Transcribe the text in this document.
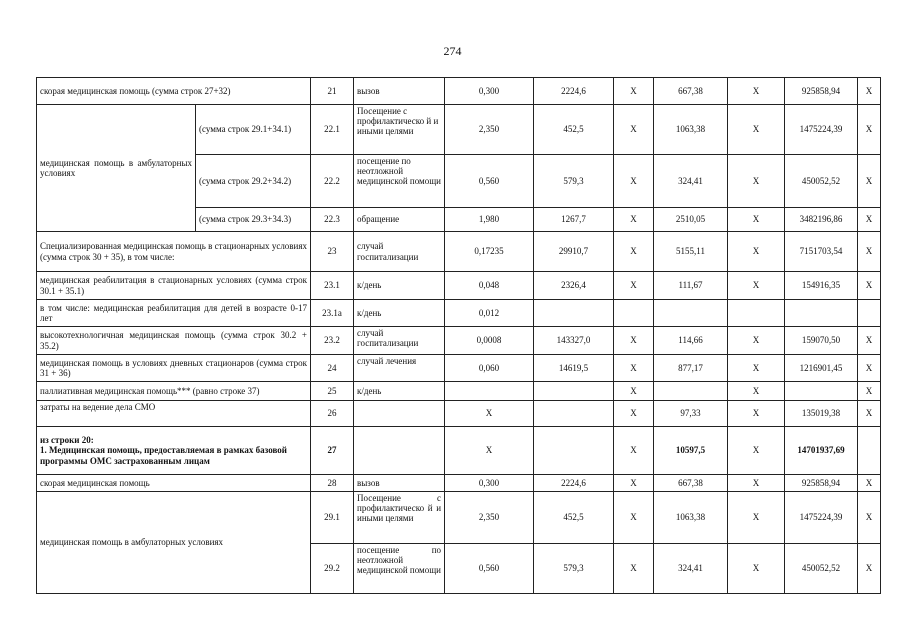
274
скорая медицинская помощь (сумма строк 27+32)		21	вызов	0,300	2224,6	X	667,38	X	925858,94	X
медицинская помощь в амбулаторных условиях	(сумма строк 29.1+34.1)	22.1	Посещение с профилактическо й и иными целями	2,350	452,5	X	1063,38	X	1475224,39	X
	(сумма строк 29.2+34.2)	22.2	посещение по неотложной медицинской помощи	0,560	579,3	X	324,41	X	450052,52	X
	(сумма строк 29.3+34.3)	22.3	обращение	1,980	1267,7	X	2510,05	X	3482196,86	X
Специализированная медицинская помощь в стационарных условиях (сумма строк 30 + 35), в том числе:		23	случай госпитализации	0,17235	29910,7	X	5155,11	X	7151703,54	X
медицинская реабилитация в стационарных условиях (сумма строк 30.1 + 35.1)		23.1	к/день	0,048	2326,4	X	111,67	X	154916,35	X
в том числе: медицинская реабилитация для детей в возрасте 0-17 лет		23.1а	к/день	0,012						
высокотехнологичная медицинская помощь (сумма строк 30.2 + 35.2)		23.2	случай госпитализации	0,0008	143327,0	X	114,66	X	159070,50	X
медицинская помощь в условиях дневных стационаров (сумма строк 31 + 36)		24	случай лечения	0,060	14619,5	X	877,17	X	1216901,45	X
паллиативная медицинская помощь*** (равно строке 37)		25	к/день			X		X		X
затраты на ведение дела СМО		26		X		X	97,33	X	135019,38	X

из строки 20:
1. Медицинская помощь, предоставляемая в рамках базовой программы ОМС застрахованным лицам		27		X		X	10597,5	X	14701937,69	
скорая медицинская помощь		28	вызов	0,300	2224,6	X	667,38	X	925858,94	X
медицинская помощь в амбулаторных условиях		29.1	Посещение с профилактическо й и иными целями	2,350	452,5	X	1063,38	X	1475224,39	X
		29.2	посещение по неотложной медицинской помощи	0,560	579,3	X	324,41	X	450052,52	X
